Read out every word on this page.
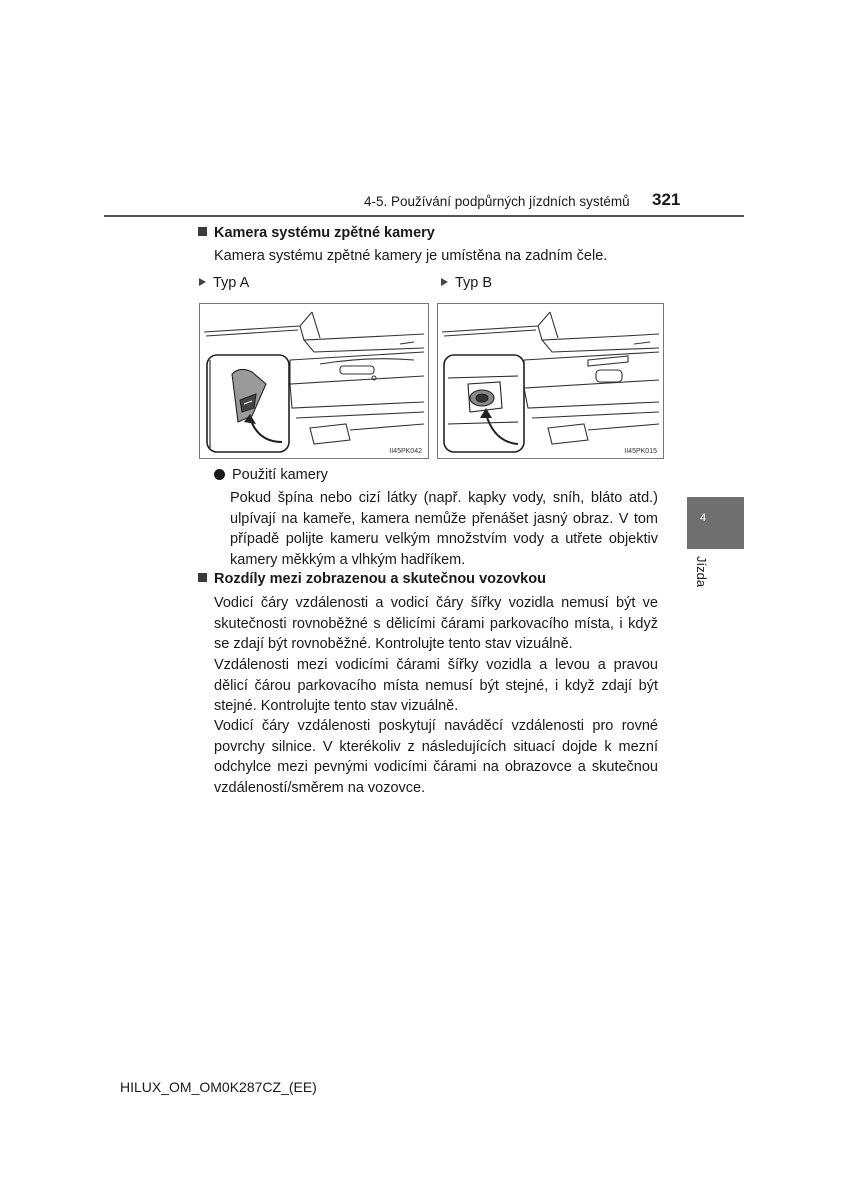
4-5. Používání podpůrných jízdních systémů 321
Kamera systému zpětné kamery
Kamera systému zpětné kamery je umístěna na zadním čele.
Typ A	Typ B
II45PK042	II45PK015
Použití kamery
Pokud špína nebo cizí látky (např. kapky vody, sníh, bláto atd.) ulpívají na kameře, kamera nemůže přenášet jasný obraz. V tom případě polijte kameru velkým množstvím vody a utřete objektiv kamery měkkým a vlhkým hadříkem.
Rozdíly mezi zobrazenou a skutečnou vozovkou
Vodicí čáry vzdálenosti a vodicí čáry šířky vozidla nemusí být ve skutečnosti rovnoběžné s dělicími čárami parkovacího místa, i když se zdají být rovnoběžné. Kontrolujte tento stav vizuálně.
Vzdálenosti mezi vodicími čárami šířky vozidla a levou a pravou dělicí čárou parkovacího místa nemusí být stejné, i když zdají být stejné. Kontrolujte tento stav vizuálně.
Vodicí čáry vzdálenosti poskytují naváděcí vzdálenosti pro rovné povrchy silnice. V kterékoliv z následujících situací dojde k mezní odchylce mezi pevnými vodicími čárami na obrazovce a skutečnou vzdáleností/směrem na vozovce.
4
Jízda
HILUX_OM_OM0K287CZ_(EE)
